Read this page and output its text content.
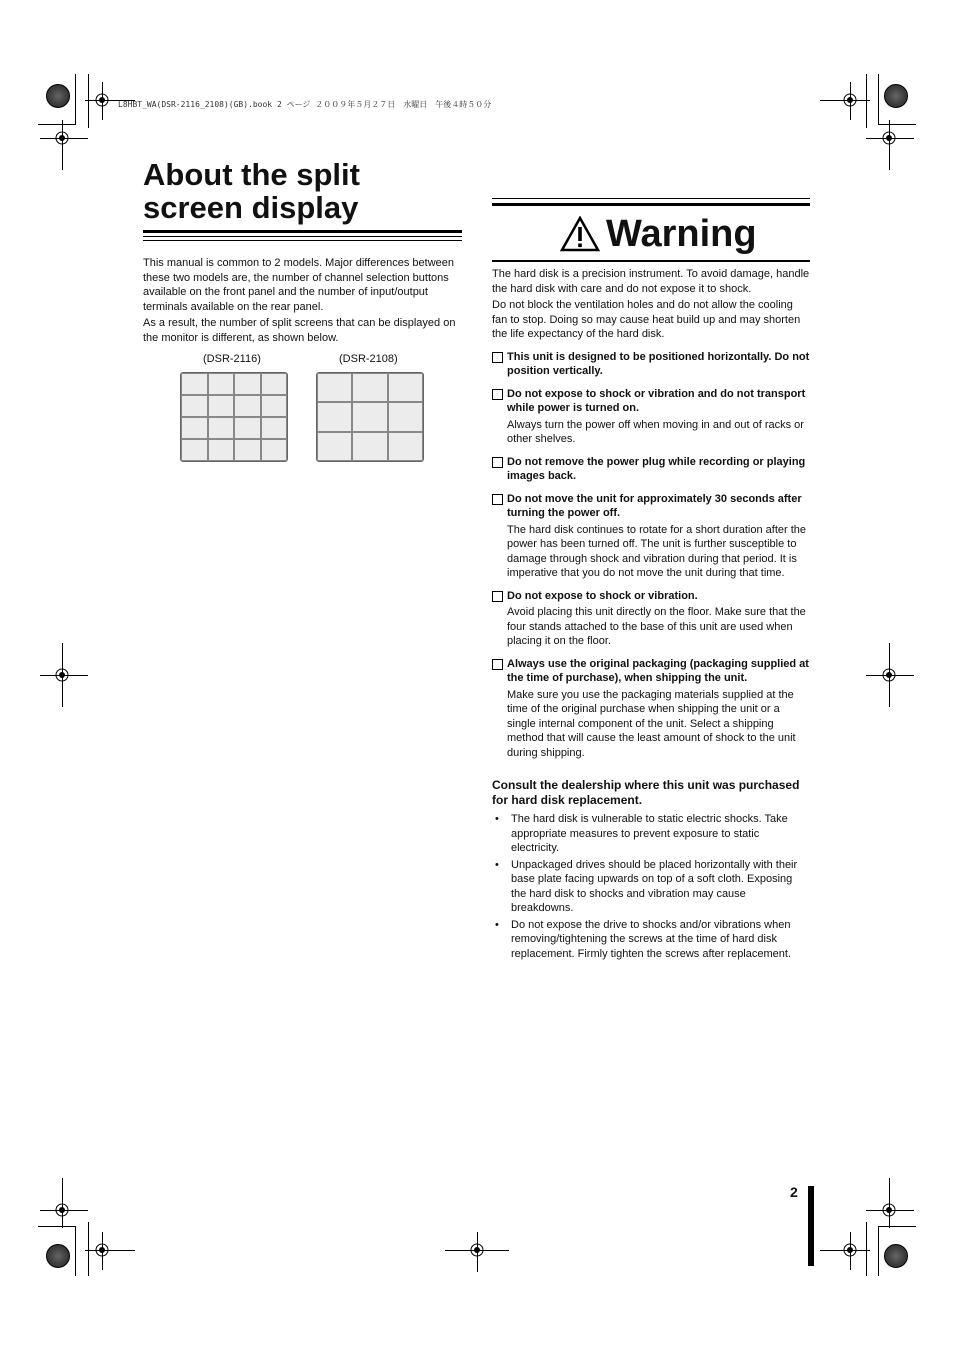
L8HBT_WA(DSR-2116_2108)(GB).book 2 ページ ２００９年５月２７日　水曜日　午後４時５０分
About the split
screen display

This manual is common to 2 models. Major differences between these two models are, the number of channel selection buttons available on the front panel and the number of input/output terminals available on the rear panel.

As a result, the number of split screens that can be displayed on the monitor is different, as shown below.

(DSR-2116)	(DSR-2108)
Warning

The hard disk is a precision instrument. To avoid damage, handle the hard disk with care and do not expose it to shock.

Do not block the ventilation holes and do not allow the cooling fan to stop. Doing so may cause heat build up and may shorten the life expectancy of the hard disk.

This unit is designed to be positioned horizontally. Do not position vertically.

Do not expose to shock or vibration and do not transport while power is turned on.

Always turn the power off when moving in and out of racks or other shelves.

Do not remove the power plug while recording or playing images back.

Do not move the unit for approximately 30 seconds after turning the power off.

The hard disk continues to rotate for a short duration after the power has been turned off. The unit is further susceptible to damage through shock and vibration during that period. It is imperative that you do not move the unit during that time.

Do not expose to shock or vibration.

Avoid placing this unit directly on the floor. Make sure that the four stands attached to the base of this unit are used when placing it on the floor.

Always use the original packaging (packaging supplied at the time of purchase), when shipping the unit.

Make sure you use the packaging materials supplied at the time of the original purchase when shipping the unit or a single internal component of the unit. Select a shipping method that will cause the least amount of shock to the unit during shipping.

Consult the dealership where this unit was purchased for hard disk replacement.

•	The hard disk is vulnerable to static electric shocks. Take appropriate measures to prevent exposure to static electricity.
•	Unpackaged drives should be placed horizontally with their base plate facing upwards on top of a soft cloth. Exposing the hard disk to shocks and vibration may cause breakdowns.
•	Do not expose the drive to shocks and/or vibrations when removing/tightening the screws at the time of hard disk replacement. Firmly tighten the screws after replacement.
2
